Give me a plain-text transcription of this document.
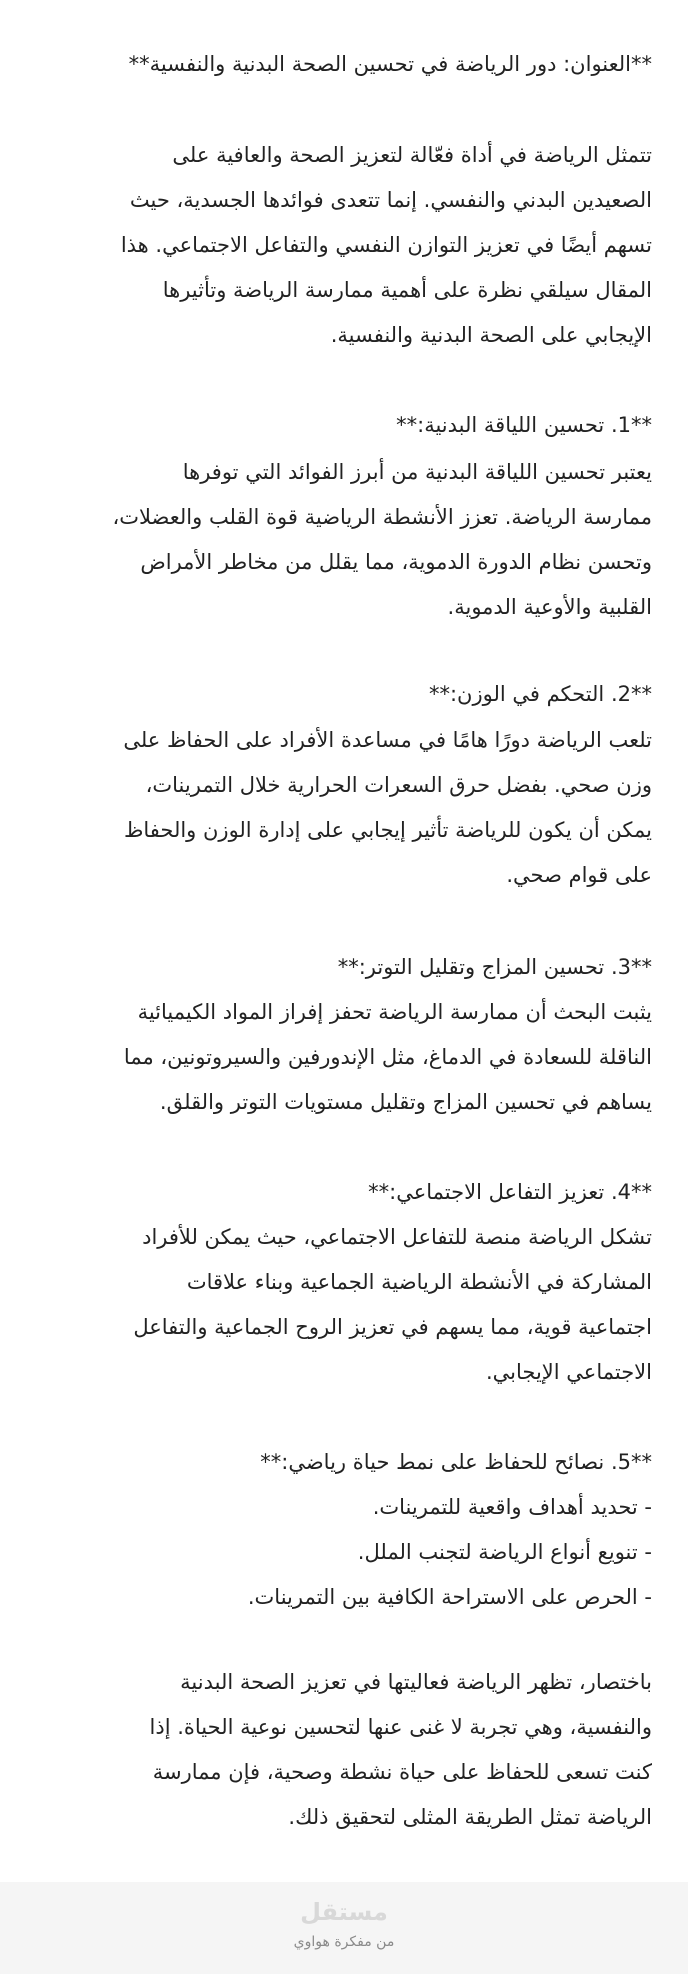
**العنوان: دور الرياضة في تحسين الصحة البدنية والنفسية**
تتمثل الرياضة في أداة فعّالة لتعزيز الصحة والعافية على
الصعيدين البدني والنفسي. إنما تتعدى فوائدها الجسدية، حيث
تسهم أيضًا في تعزيز التوازن النفسي والتفاعل الاجتماعي. هذا
المقال سيلقي نظرة على أهمية ممارسة الرياضة وتأثيرها
الإيجابي على الصحة البدنية والنفسية.
**1. تحسين اللياقة البدنية:**
يعتبر تحسين اللياقة البدنية من أبرز الفوائد التي توفرها
ممارسة الرياضة. تعزز الأنشطة الرياضية قوة القلب والعضلات،
وتحسن نظام الدورة الدموية، مما يقلل من مخاطر الأمراض
القلبية والأوعية الدموية.
**2. التحكم في الوزن:**
تلعب الرياضة دورًا هامًا في مساعدة الأفراد على الحفاظ على
وزن صحي. بفضل حرق السعرات الحرارية خلال التمرينات،
يمكن أن يكون للرياضة تأثير إيجابي على إدارة الوزن والحفاظ
على قوام صحي.
**3. تحسين المزاج وتقليل التوتر:**
يثبت البحث أن ممارسة الرياضة تحفز إفراز المواد الكيميائية
الناقلة للسعادة في الدماغ، مثل الإندورفين والسيروتونين، مما
يساهم في تحسين المزاج وتقليل مستويات التوتر والقلق.
**4. تعزيز التفاعل الاجتماعي:**
تشكل الرياضة منصة للتفاعل الاجتماعي، حيث يمكن للأفراد
المشاركة في الأنشطة الرياضية الجماعية وبناء علاقات
اجتماعية قوية، مما يسهم في تعزيز الروح الجماعية والتفاعل
الاجتماعي الإيجابي.
**5. نصائح للحفاظ على نمط حياة رياضي:**
- تحديد أهداف واقعية للتمرينات.
- تنويع أنواع الرياضة لتجنب الملل.
- الحرص على الاستراحة الكافية بين التمرينات.
باختصار، تظهر الرياضة فعاليتها في تعزيز الصحة البدنية
والنفسية، وهي تجربة لا غنى عنها لتحسين نوعية الحياة. إذا
كنت تسعى للحفاظ على حياة نشطة وصحية، فإن ممارسة
الرياضة تمثل الطريقة المثلى لتحقيق ذلك.
مستقل
من مفكرة هواوي
